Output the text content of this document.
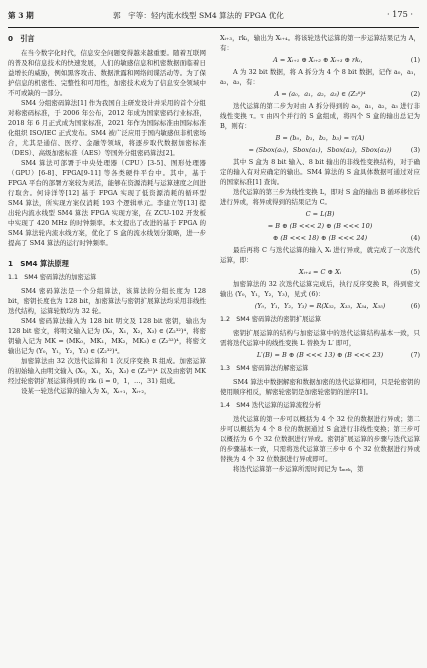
第 3 期	郭　宇等：轻内流水线型 SM4 算法的 FPGA 优化	· 175 ·
0　引言

在当今数字化时代，信息安全问题变得越来越重要。随着互联网的普及和信息技术的快速发展，人们的敏感信息和机密数据面临着日益增长的威胁，例如黑客攻击、数据泄露和网络间谍活动等。为了保护信息的机密性、完整性和可用性，加密技术成为了信息安全领域中不可或缺的一部分。

SM4 分组密码算法[1] 作为我国自主研发设计并采用的首个分组对称密码标准，于 2006 年公布，2012 年成为国家密码行业标准，2018 年 6 月正式成为国家标准，2021 年作为国际标准由国际标准化组织 ISO/IEC 正式发布。SM4 被广泛应用于国内敏感但非机密场合，尤其是通信、医疗、金融等领域，将逐步取代数据加密标准（DES）、高级加密标准（AES）等国外分组密码算法[2]。

SM4 算法可部署于中央处理器（CPU）[3-5]、图形处理器（GPU）[6-8]、FPGA[9-11] 等各类硬件平台中。其中，基于 FPGA 平台的部署方案较为灵活，能够在资源消耗与运算速度之间进行取舍。何诗洋等[12] 基于 FPGA 实现了低资源消耗的循环型 SM4 算法，所实现方案仅消耗 193 个逻辑单元。李建立等[13] 提出轮内流水线型 SM4 算法 FPGA 实现方案，在 ZCU-102 开发板中实现了 420 MHz 的时钟频率。本文提出了改进的基于 FPGA 的 SM4 算法轮内流水线方案，优化了 S 盒的流水线划分策略，进一步提高了 SM4 算法的运行时钟频率。

1　SM4 算法原理
1.1　SM4 密码算法的加密运算

SM4 密码算法是一个分组算法，该算法的分组长度为 128 bit，密钥长度也为 128 bit，加密算法与密钥扩展算法均采用非线性迭代结构，运算轮数均为 32 轮。

SM4 密码算法输入为 128 bit 明文及 128 bit 密钥，输出为 128 bit 密文，将明文输入记为 (X₀，X₁，X₂，X₃) ∈ (Z₂³²)⁴，将密钥输入记为 MK = (MK₀，MK₁，MK₂，MK₃) ∈ (Z₂³²)⁴，将密文输出记为 (Y₀，Y₁，Y₂，Y₃) ∈ (Z₂³²)⁴。

加密算法由 32 次迭代运算和 1 次反序变换 R 组成。加密运算的初始输入由明文输入 (X₀，X₁，X₂，X₃) ∈ (Z₂³²)⁴ 以及由密钥 MK 经过轮密钥扩展运算得到的 rkᵢ (i = 0，1，…，31) 组成。

设某一轮迭代运算的输入为 Xᵢ，Xᵢ₊₁，Xᵢ₊₂，

Xᵢ₊₃，rkᵢ，输出为 Xᵢ₊₄。将该轮迭代运算的第一步运算结果记为 A，有：

A = Xᵢ₊₁ ⊕ Xᵢ₊₂ ⊕ Xᵢ₊₃ ⊕ rkᵢ，	(1)

A 为 32 bit 数据，将 A 拆分为 4 个 8 bit 数据，记作 a₀，a₁，a₂，a₃，有：

A = (a₀，a₁，a₂，a₃) ∈ (Z₂⁸)⁴	(2)

迭代运算的第二步为对由 A 拆分得到的 a₀，a₁，a₂，a₃ 进行非线性变换 τ。τ 由四个并行的 S 盒组成，将四个 S 盒的输出总记为 B，则有：

B = (b₀，b₁，b₂，b₃) = τ(A)
= (Sbox(a₀)，Sbox(a₁)，Sbox(a₂)，Sbox(a₃))	(3)

其中 S 盒为 8 bit 输入、8 bit 输出的非线性变换结构，对于确定的输入有对应确定的输出。SM4 算法的 S 盒具体数据可通过对应的国家标准[1] 查询。

迭代运算的第三步为线性变换 L，即对 S 盒的输出 B 循环移位后进行异或，将异或得到的结果记为 C。

C = L(B)
= B ⊕ (B <<< 2) ⊕ (B <<< 10)
⊕ (B <<< 18) ⊕ (B <<< 24)	(4)

最后再将 C 与迭代运算的输入 Xᵢ 进行异或，就完成了一次迭代运算，即：

Xᵢ₊₄ = C ⊕ Xᵢ	(5)

加密算法的 32 次迭代运算完成后，执行反序变换 R，得到密文输出 (Y₀，Y₁，Y₂，Y₃)，见式 (6)：

(Y₀，Y₁，Y₂，Y₃) = R(X₃₂，X₃₃，X₃₄，X₃₅)	(6)
1.2　SM4 密码算法的密钥扩展运算

密钥扩展运算的结构与加密运算中的迭代运算结构基本一致，只需将迭代运算中的线性变换 L 替换为 L′ 即可，

L′(B) = B ⊕ (B <<< 13) ⊕ (B <<< 23)	(7)
1.3　SM4 密码算法的解密运算

SM4 算法中数据解密和数据加密的迭代运算相同，只是轮密钥的使用顺序相反，解密轮密钥是加密轮密钥的逆序[1]。

1.4　SM4 迭代运算的运算流程分析

迭代运算的第一步可以概括为 4 个 32 位的数据进行异或；第二步可以概括为 4 个 8 位的数据通过 S 盒进行非线性变换；第三步可以概括为 6 个 32 位数据进行异或。密钥扩展运算的步骤与迭代运算的步骤基本一致，只需将迭代运算第三步中 6 个 32 位数据进行异或替换为 4 个 32 位数据进行异或即可。

将迭代运算第一步运算所需时间记为 tₘₑₖ，第
